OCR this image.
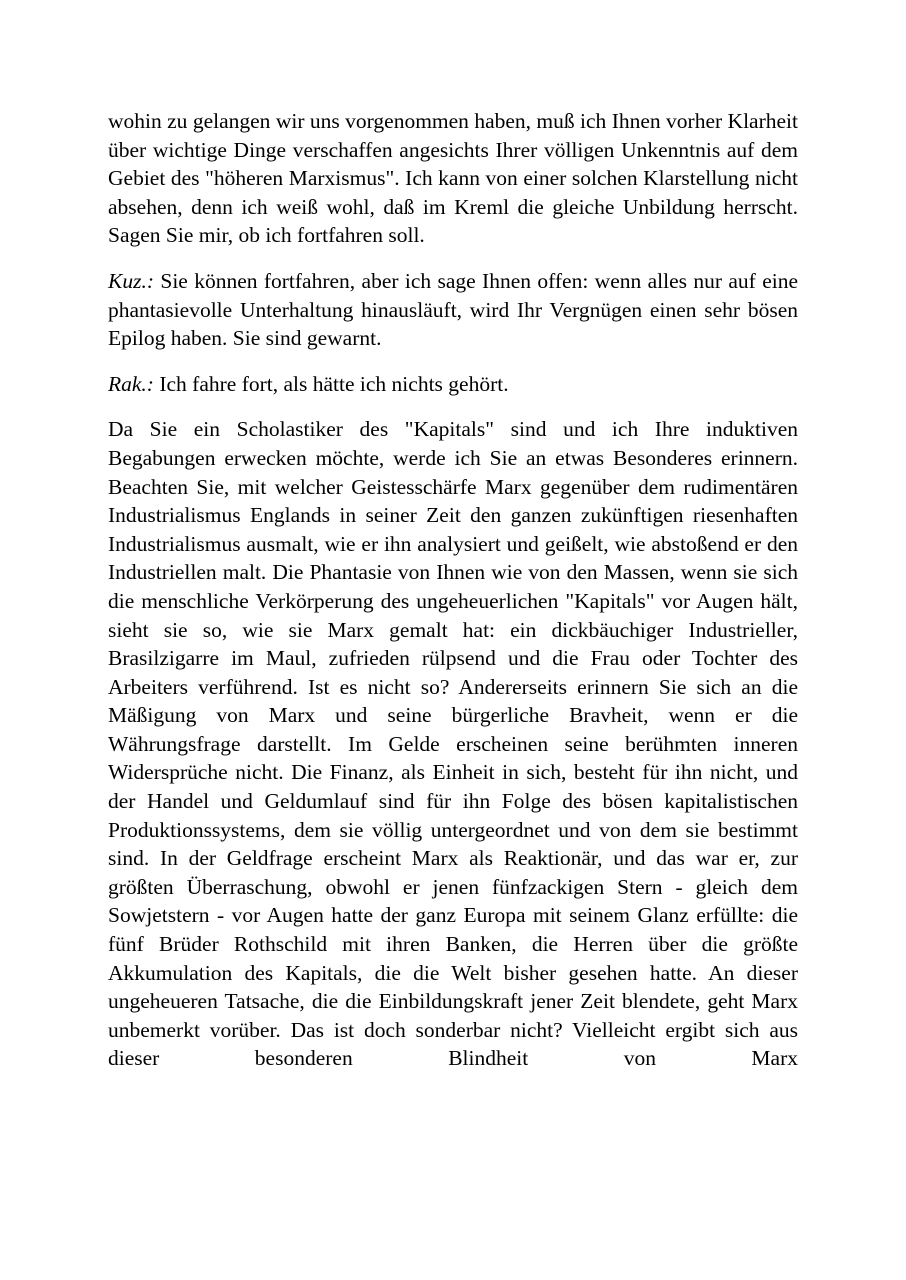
wohin zu gelangen wir uns vorgenommen haben, muß ich Ihnen vorher Klarheit über wichtige Dinge verschaffen angesichts Ihrer völligen Unkenntnis auf dem Gebiet des "höheren Marxismus". Ich kann von einer solchen Klarstellung nicht absehen, denn ich weiß wohl, daß im Kreml die gleiche Unbildung herrscht. Sagen Sie mir, ob ich fortfahren soll.

Kuz.: Sie können fortfahren, aber ich sage Ihnen offen: wenn alles nur auf eine phantasievolle Unterhaltung hinausläuft, wird Ihr Vergnügen einen sehr bösen Epilog haben. Sie sind gewarnt.

Rak.: Ich fahre fort, als hätte ich nichts gehört.

Da Sie ein Scholastiker des "Kapitals" sind und ich Ihre induktiven Begabungen erwecken möchte, werde ich Sie an etwas Besonderes erinnern. Beachten Sie, mit welcher Geistesschärfe Marx gegenüber dem rudimentären Industrialismus Englands in seiner Zeit den ganzen zukünftigen riesenhaften Industrialismus ausmalt, wie er ihn analysiert und geißelt, wie abstoßend er den Industriellen malt. Die Phantasie von Ihnen wie von den Massen, wenn sie sich die menschliche Verkörperung des ungeheuerlichen "Kapitals" vor Augen hält, sieht sie so, wie sie Marx gemalt hat: ein dickbäuchiger Industrieller, Brasilzigarre im Maul, zufrieden rülpsend und die Frau oder Tochter des Arbeiters verführend. Ist es nicht so? Andererseits erinnern Sie sich an die Mäßigung von Marx und seine bürgerliche Bravheit, wenn er die Währungsfrage darstellt. Im Gelde erscheinen seine berühmten inneren Widersprüche nicht. Die Finanz, als Einheit in sich, besteht für ihn nicht, und der Handel und Geldumlauf sind für ihn Folge des bösen kapitalistischen Produktionssystems, dem sie völlig untergeordnet und von dem sie bestimmt sind. In der Geldfrage erscheint Marx als Reaktionär, und das war er, zur größten Überraschung, obwohl er jenen fünfzackigen Stern - gleich dem Sowjetstern - vor Augen hatte der ganz Europa mit seinem Glanz erfüllte: die fünf Brüder Rothschild mit ihren Banken, die Herren über die größte Akkumulation des Kapitals, die die Welt bisher gesehen hatte. An dieser ungeheueren Tatsache, die die Einbildungskraft jener Zeit blendete, geht Marx unbemerkt vorüber. Das ist doch sonderbar nicht? Vielleicht ergibt sich aus dieser besonderen Blindheit von Marx
